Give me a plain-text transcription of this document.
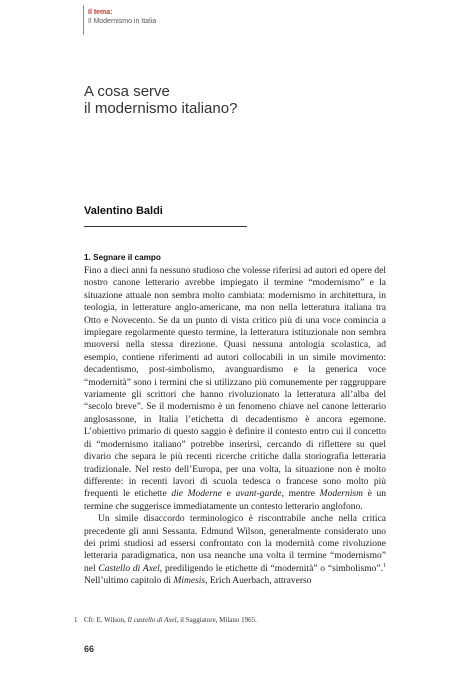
Il tema:
Il Modernismo in Italia
A cosa serve
il modernismo italiano?
Valentino Baldi
1. Segnare il campo

Fino a dieci anni fa nessuno studioso che volesse riferirsi ad autori ed opere del nostro canone letterario avrebbe impiegato il termine “modernismo” e la situazione attuale non sembra molto cambiata: modernismo in architettura, in teologia, in letterature anglo-americane, ma non nella letteratura italiana tra Otto e Novecento. Se da un punto di vista critico più di una voce comincia a impiegare regolarmente questo termine, la letteratura istituzionale non sembra muoversi nella stessa direzione. Quasi nessuna antologia scolastica, ad esempio, contiene riferimenti ad autori collocabili in un simile movimento: decadentismo, post-simbolismo, avanguardismo e la generica voce “modernità” sono i termini che si utilizzano più comunemente per raggruppare variamente gli scrittori che hanno rivoluzionato la letteratura all’alba del “secolo breve”. Se il modernismo è un fenomeno chiave nel canone letterario anglosassone, in Italia l’etichetta di decadentismo è ancora egemone. L’obiettivo primario di questo saggio è definire il contesto entro cui il concetto di “modernismo italiano” potrebbe inserirsi, cercando di riflettere su quel divario che separa le più recenti ricerche critiche dalla storiografia letteraria tradizionale. Nel resto dell’Europa, per una volta, la situazione non è molto differente: in recenti lavori di scuola tedesca o francese sono molto più frequenti le etichette die Moderne e avant-garde, mentre Modernism è un termine che suggerisce immediatamente un contesto letterario anglofono.

Un simile disaccordo terminologico è riscontrabile anche nella critica precedente gli anni Sessanta. Edmund Wilson, generalmente considerato uno dei primi studiosi ad essersi confrontato con la modernità come rivoluzione letteraria paradigmatica, non usa neanche una volta il termine “modernismo” nel Castello di Axel, prediligendo le etichette di “modernità” o “simbolismo”.$^1$ Nell’ultimo capitolo di Mimesis, Erich Auerbach, attraverso

1 Cfr. E. Wilson, Il castello di Axel, il Saggiatore, Milano 1965.
66
